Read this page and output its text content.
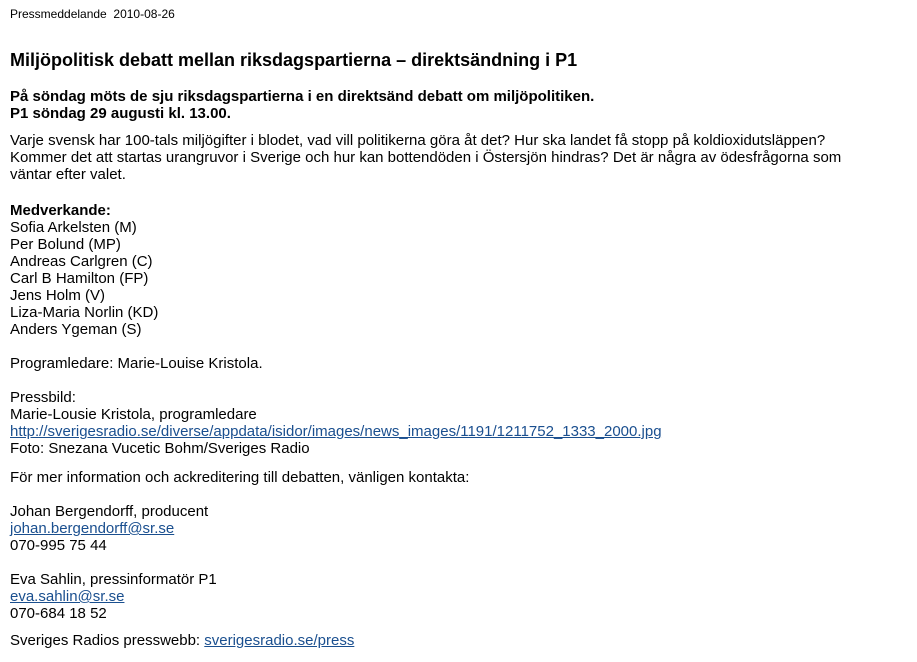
Pressmeddelande 2010-08-26
Miljöpolitisk debatt mellan riksdagspartierna – direktsändning i P1
På söndag möts de sju riksdagspartierna i en direktsänd debatt om miljöpolitiken.
P1 söndag 29 augusti kl. 13.00.
Varje svensk har 100-tals miljögifter i blodet, vad vill politikerna göra åt det? Hur ska landet få stopp på koldioxidutsläppen?
Kommer det att startas urangruvor i Sverige och hur kan bottendöden i Östersjön hindras? Det är några av ödesfrågorna som
väntar efter valet.
Medverkande:
Sofia Arkelsten (M)
Per Bolund (MP)
Andreas Carlgren (C)
Carl B Hamilton (FP)
Jens Holm (V)
Liza-Maria Norlin (KD)
Anders Ygeman (S)
Programledare: Marie-Louise Kristola.
Pressbild:
Marie-Lousie Kristola, programledare
http://sverigesradio.se/diverse/appdata/isidor/images/news_images/1191/1211752_1333_2000.jpg
Foto: Snezana Vucetic Bohm/Sveriges Radio
För mer information och ackreditering till debatten, vänligen kontakta:
Johan Bergendorff, producent
johan.bergendorff@sr.se
070-995 75 44
Eva Sahlin, pressinformatör P1
eva.sahlin@sr.se
070-684 18 52
Sveriges Radios presswebb: sverigesradio.se/press
